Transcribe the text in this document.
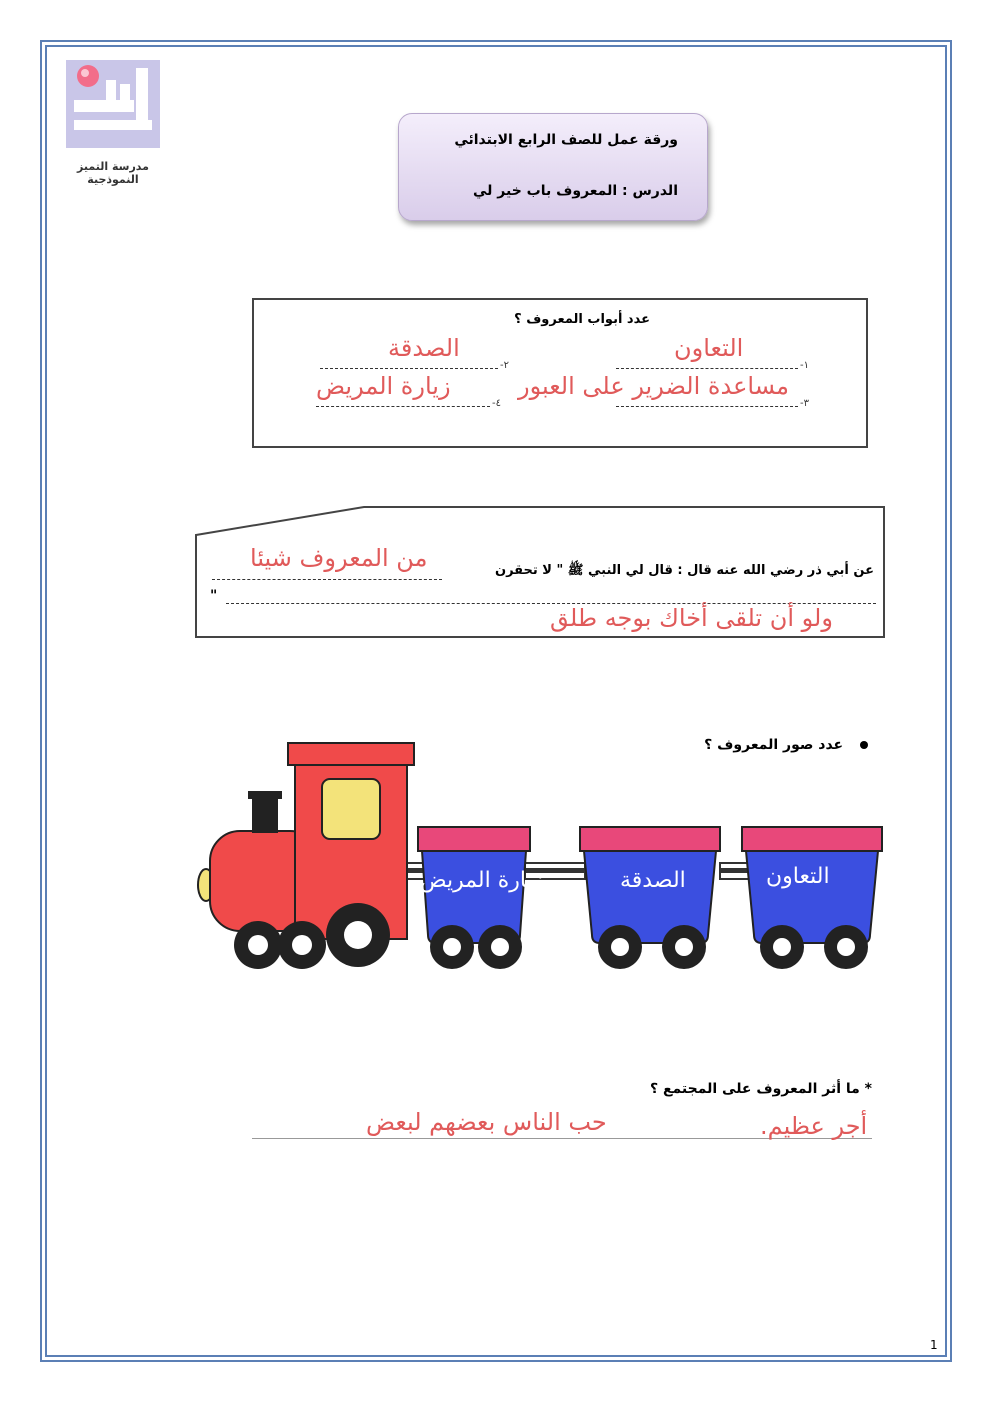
مدرسة التميز النموذجية
ورقة عمل للصف الرابع الابتدائي
الدرس : المعروف باب خير لي
عدد أبواب المعروف ؟
-١
التعاون
-٢
الصدقة
-٣
مساعدة الضرير على العبور
-٤
زيارة المريض
عن أبي ذر رضي الله عنه قال : قال لي النبي ﷺ " لا تحقرن
من المعروف شيئا
"
ولو أن تلقى أخاك بوجه طلق
عدد صور المعروف ؟
التعاون
الصدقة
زيارة المريض
* ما أثر المعروف على المجتمع ؟
أجر عظيم.
حب الناس بعضهم لبعض
1
